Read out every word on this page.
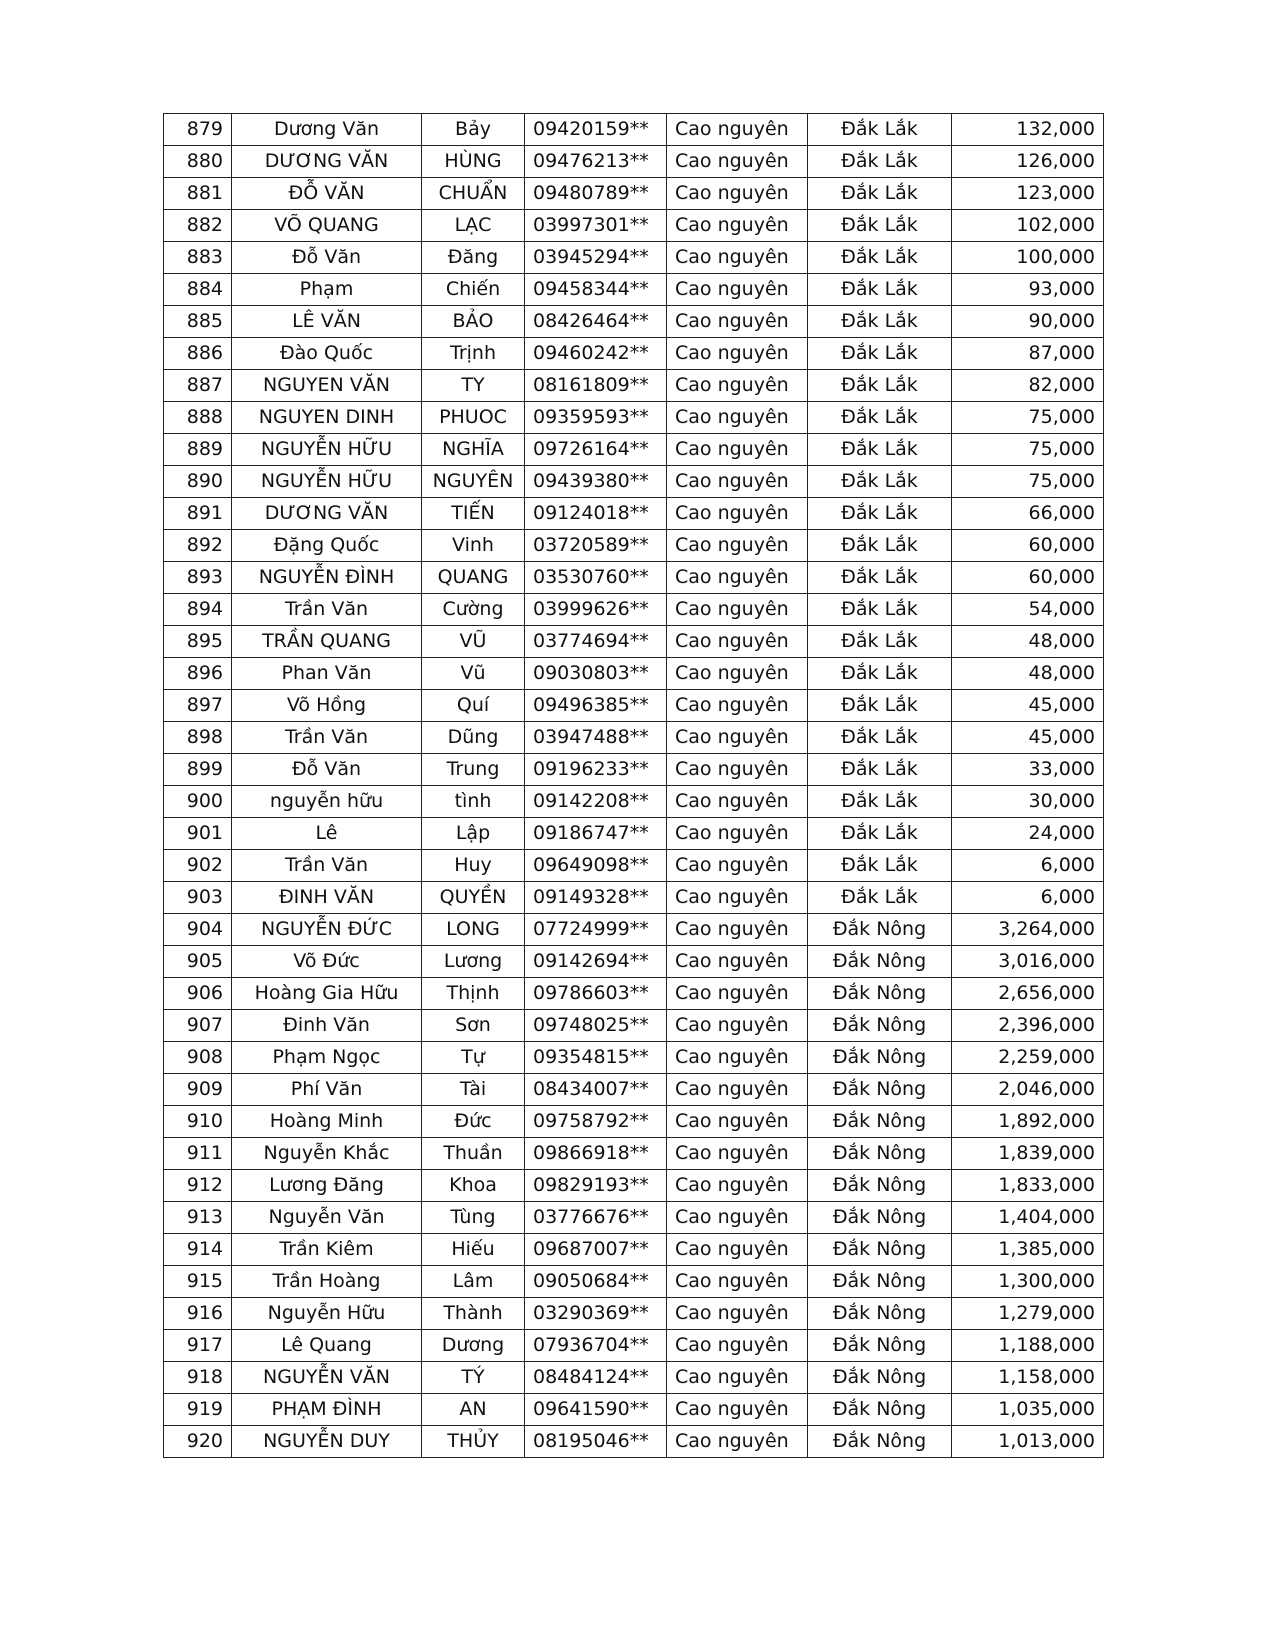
879	Dương Văn	Bảy	09420159**	Cao nguyên	Đắk Lắk	132,000
880	DƯƠNG VĂN	HÙNG	09476213**	Cao nguyên	Đắk Lắk	126,000
881	ĐỖ VĂN	CHUẨN	09480789**	Cao nguyên	Đắk Lắk	123,000
882	VÕ QUANG	LẠC	03997301**	Cao nguyên	Đắk Lắk	102,000
883	Đỗ Văn	Đăng	03945294**	Cao nguyên	Đắk Lắk	100,000
884	Phạm	Chiến	09458344**	Cao nguyên	Đắk Lắk	93,000
885	LÊ VĂN	BẢO	08426464**	Cao nguyên	Đắk Lắk	90,000
886	Đào Quốc	Trịnh	09460242**	Cao nguyên	Đắk Lắk	87,000
887	NGUYEN VĂN	TY	08161809**	Cao nguyên	Đắk Lắk	82,000
888	NGUYEN DINH	PHUOC	09359593**	Cao nguyên	Đắk Lắk	75,000
889	NGUYỄN HỮU	NGHĨA	09726164**	Cao nguyên	Đắk Lắk	75,000
890	NGUYỄN HỮU	NGUYÊN	09439380**	Cao nguyên	Đắk Lắk	75,000
891	DƯƠNG VĂN	TIẾN	09124018**	Cao nguyên	Đắk Lắk	66,000
892	Đặng Quốc	Vinh	03720589**	Cao nguyên	Đắk Lắk	60,000
893	NGUYỄN ĐÌNH	QUANG	03530760**	Cao nguyên	Đắk Lắk	60,000
894	Trần Văn	Cường	03999626**	Cao nguyên	Đắk Lắk	54,000
895	TRẦN QUANG	VŨ	03774694**	Cao nguyên	Đắk Lắk	48,000
896	Phan Văn	Vũ	09030803**	Cao nguyên	Đắk Lắk	48,000
897	Võ Hồng	Quí	09496385**	Cao nguyên	Đắk Lắk	45,000
898	Trần Văn	Dũng	03947488**	Cao nguyên	Đắk Lắk	45,000
899	Đỗ Văn	Trung	09196233**	Cao nguyên	Đắk Lắk	33,000
900	nguyễn hữu	tình	09142208**	Cao nguyên	Đắk Lắk	30,000
901	Lê	Lập	09186747**	Cao nguyên	Đắk Lắk	24,000
902	Trần Văn	Huy	09649098**	Cao nguyên	Đắk Lắk	6,000
903	ĐINH VĂN	QUYỀN	09149328**	Cao nguyên	Đắk Lắk	6,000
904	NGUYỄN ĐỨC	LONG	07724999**	Cao nguyên	Đắk Nông	3,264,000
905	Võ Đức	Lương	09142694**	Cao nguyên	Đắk Nông	3,016,000
906	Hoàng Gia Hữu	Thịnh	09786603**	Cao nguyên	Đắk Nông	2,656,000
907	Đinh Văn	Sơn	09748025**	Cao nguyên	Đắk Nông	2,396,000
908	Phạm Ngọc	Tự	09354815**	Cao nguyên	Đắk Nông	2,259,000
909	Phí Văn	Tài	08434007**	Cao nguyên	Đắk Nông	2,046,000
910	Hoàng Minh	Đức	09758792**	Cao nguyên	Đắk Nông	1,892,000
911	Nguyễn Khắc	Thuần	09866918**	Cao nguyên	Đắk Nông	1,839,000
912	Lương Đăng	Khoa	09829193**	Cao nguyên	Đắk Nông	1,833,000
913	Nguyễn Văn	Tùng	03776676**	Cao nguyên	Đắk Nông	1,404,000
914	Trần Kiêm	Hiếu	09687007**	Cao nguyên	Đắk Nông	1,385,000
915	Trần Hoàng	Lâm	09050684**	Cao nguyên	Đắk Nông	1,300,000
916	Nguyễn Hữu	Thành	03290369**	Cao nguyên	Đắk Nông	1,279,000
917	Lê Quang	Dương	07936704**	Cao nguyên	Đắk Nông	1,188,000
918	NGUYỄN VĂN	TÝ	08484124**	Cao nguyên	Đắk Nông	1,158,000
919	PHẠM ĐÌNH	AN	09641590**	Cao nguyên	Đắk Nông	1,035,000
920	NGUYỄN DUY	THỦY	08195046**	Cao nguyên	Đắk Nông	1,013,000
